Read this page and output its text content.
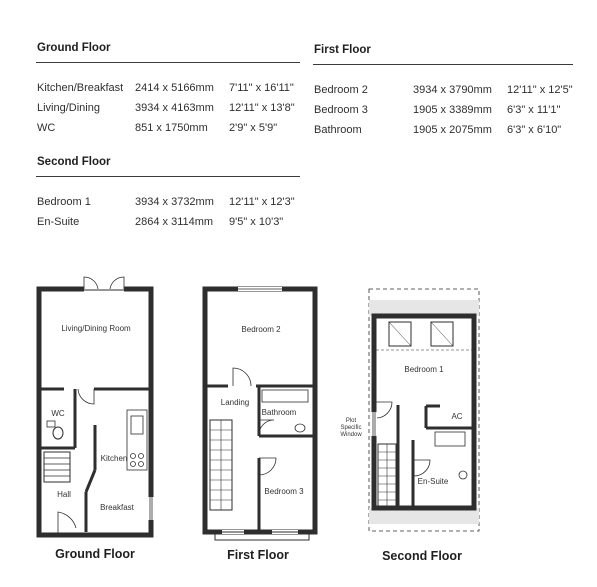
Ground Floor
Kitchen/Breakfast 2414 x 5166mm 7'11" x 16'11"
Living/Dining	3934 x 4163mm 12'11" x 13'8"
WC	851 x 1750mm 2'9" x 5'9"
First Floor
Bedroom 2	3934 x 3790mm 12'11" x 12'5"
Bedroom 3	1905 x 3389mm 6'3" x 11'1"
Bathroom	1905 x 2075mm 6'3" x 6'10"
Second Floor
Bedroom 1	3934 x 3732mm 12'11" x 12'3"
En-Suite	2864 x 3114mm 9'5" x 10'3"
Living/Dining Room
WC
Kitchen
Hall
Breakfast
Bedroom 2
Landing
Bathroom
Bedroom 3
Bedroom 1
AC
En-Suite
Plot
Specific
Window
Ground Floor	First Floor	Second Floor
